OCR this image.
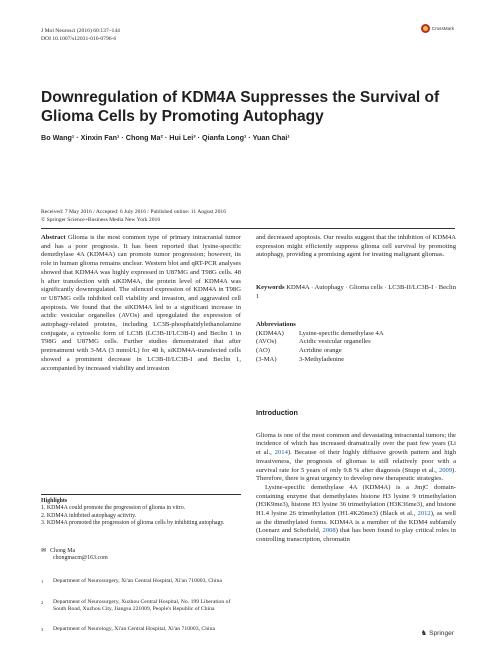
J Mol Neurosci (2016) 60:137–144
DOI 10.1007/s12031-016-0796-6
CrossMark
Downregulation of KDM4A Suppresses the Survival of Glioma Cells by Promoting Autophagy
Bo Wang¹ · Xinxin Fan¹ · Chong Ma² · Hui Lei³ · Qianfa Long¹ · Yuan Chai¹
Received: 7 May 2016 / Accepted: 6 July 2016 / Published online: 11 August 2016
© Springer Science+Business Media New York 2016

Abstract Glioma is the most common type of primary intracranial tumor and has a poor prognosis. It has been reported that lysine-specific demethylase 4A (KDM4A) can promote tumor progression; however, its role in human glioma remains unclear. Western blot and qRT-PCR analyses showed that KDM4A was highly expressed in U87MG and T98G cells. 48 h after transfection with siKDM4A, the protein level of KDM4A was significantly downregulated. The silenced expression of KDM4A in T98G or U87MG cells inhibited cell viability and invasion, and aggravated cell apoptosis. We found that the siKDM4A led to a significant increase in acidic vesicular organelles (AVOs) and upregulated the expression of autophagy-related proteins, including LC3B-phosphatidylethanolamine conjugate, a cytosolic form of LC3B (LC3B-II/LC3B-I) and Beclin 1 in T98G and U87MG cells. Further studies demonstrated that after pretreatment with 3-MA (3 mmol/L) for 48 h, siKDM4A-transfected cells showed a prominent decrease in LC3B-II/LC3B-I and Beclin 1, accompanied by increased viability and invasion

Highlights
1. KDM4A could promote the progression of glioma in vitro.
2. KDM4A inhibited autophagy activity.
3. KDM4A promoted the progression of glioma cells by inhibiting autophagy.
✉ Chong Ma
chongmacm@163.com
1 Department of Neurosurgery, Xi'an Central Hospital, Xi'an 710003, China
2 Department of Neurosurgery, Xuzhou Central Hospital, No. 199 Liberation of South Road, Xuzhou City, Jiangsu 221009, People's Republic of China
3 Department of Neurology, Xi'an Central Hospital, Xi'an 710003, China

and decreased apoptosis. Our results suggest that the inhibition of KDM4A expression might efficiently suppress glioma cell survival by promoting autophagy, providing a promising agent for treating malignant gliomas.

Keywords KDM4A · Autophagy · Glioma cells · LC3B-II/LC3B-I · Beclin 1

Abbreviations
(KDM4A)	Lysine-specific demethylase 4A
(AVOs)	Acidic vesicular organelles
(AO)	Acridine orange
(3-MA)	3-Methyladenine
Introduction

Glioma is one of the most common and devastating intracranial tumors; the incidence of which has increased dramatically over the past few years (Li et al., 2014). Because of their highly diffusive growth pattern and high invasiveness, the prognosis of gliomas is still relatively poor with a survival rate for 5 years of only 9.8 % after diagnosis (Stupp et al., 2009). Therefore, there is great urgency to develop new therapeutic strategies.

Lysine-specific demethylase 4A (KDM4A) is a JmjC domain-containing enzyme that demethylates histone H3 lysine 9 trimethylation (H3K9me3), histone H3 lysine 36 trimethylation (H3K36me3), and histone H1.4 lysine 26 trimethylation (H1.4K26me3) (Black et al., 2012), as well as the dimethylated forms. KDM4A is a member of the KDM4 subfamily (Loenarz and Schofield, 2008) that has been found to play critical roles in controlling transcription, chromatin

♞ Springer
